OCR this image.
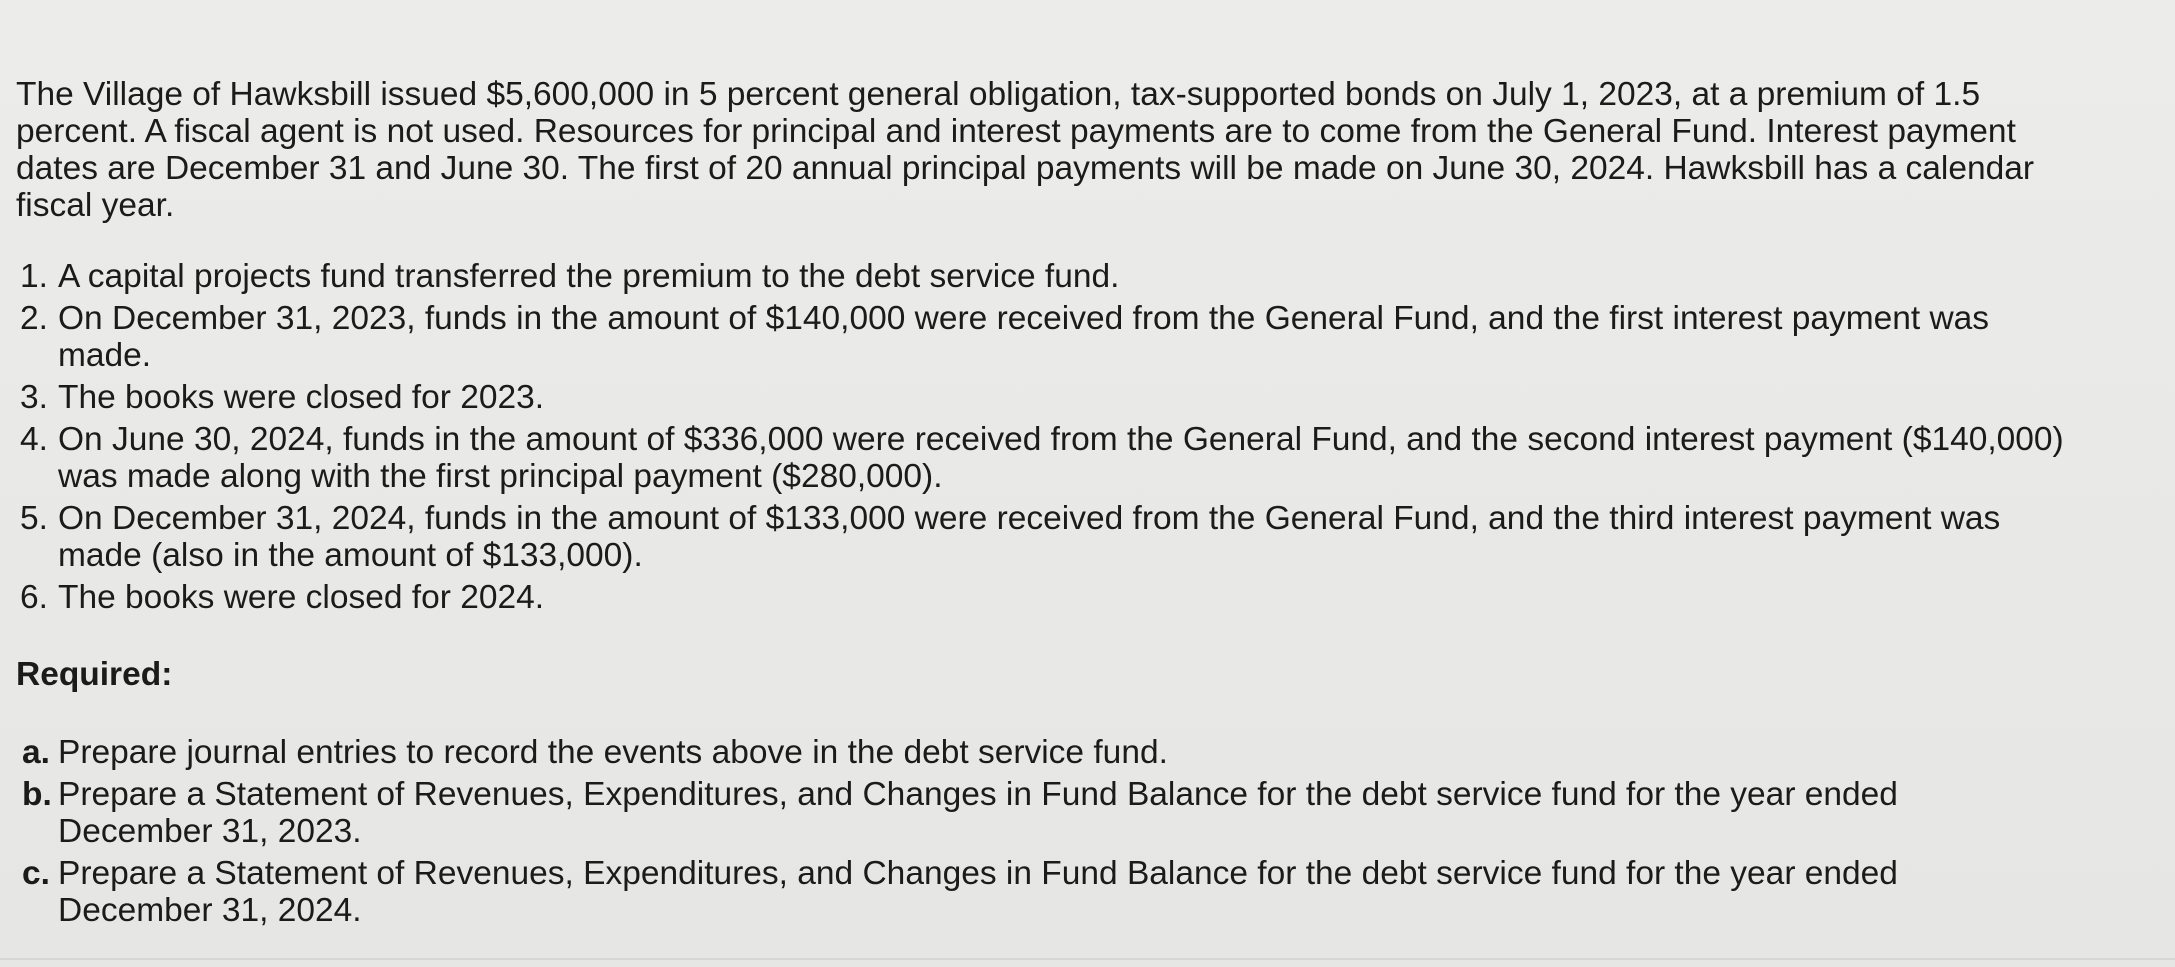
The Village of Hawksbill issued $5,600,000 in 5 percent general obligation, tax-supported bonds on July 1, 2023, at a premium of 1.5 percent. A fiscal agent is not used. Resources for principal and interest payments are to come from the General Fund. Interest payment dates are December 31 and June 30. The first of 20 annual principal payments will be made on June 30, 2024. Hawksbill has a calendar fiscal year.

1. A capital projects fund transferred the premium to the debt service fund.
2. On December 31, 2023, funds in the amount of $140,000 were received from the General Fund, and the first interest payment was made.
3. The books were closed for 2023.
4. On June 30, 2024, funds in the amount of $336,000 were received from the General Fund, and the second interest payment ($140,000) was made along with the first principal payment ($280,000).
5. On December 31, 2024, funds in the amount of $133,000 were received from the General Fund, and the third interest payment was made (also in the amount of $133,000).
6. The books were closed for 2024.

Required:

a. Prepare journal entries to record the events above in the debt service fund.
b. Prepare a Statement of Revenues, Expenditures, and Changes in Fund Balance for the debt service fund for the year ended December 31, 2023.
c. Prepare a Statement of Revenues, Expenditures, and Changes in Fund Balance for the debt service fund for the year ended December 31, 2024.
